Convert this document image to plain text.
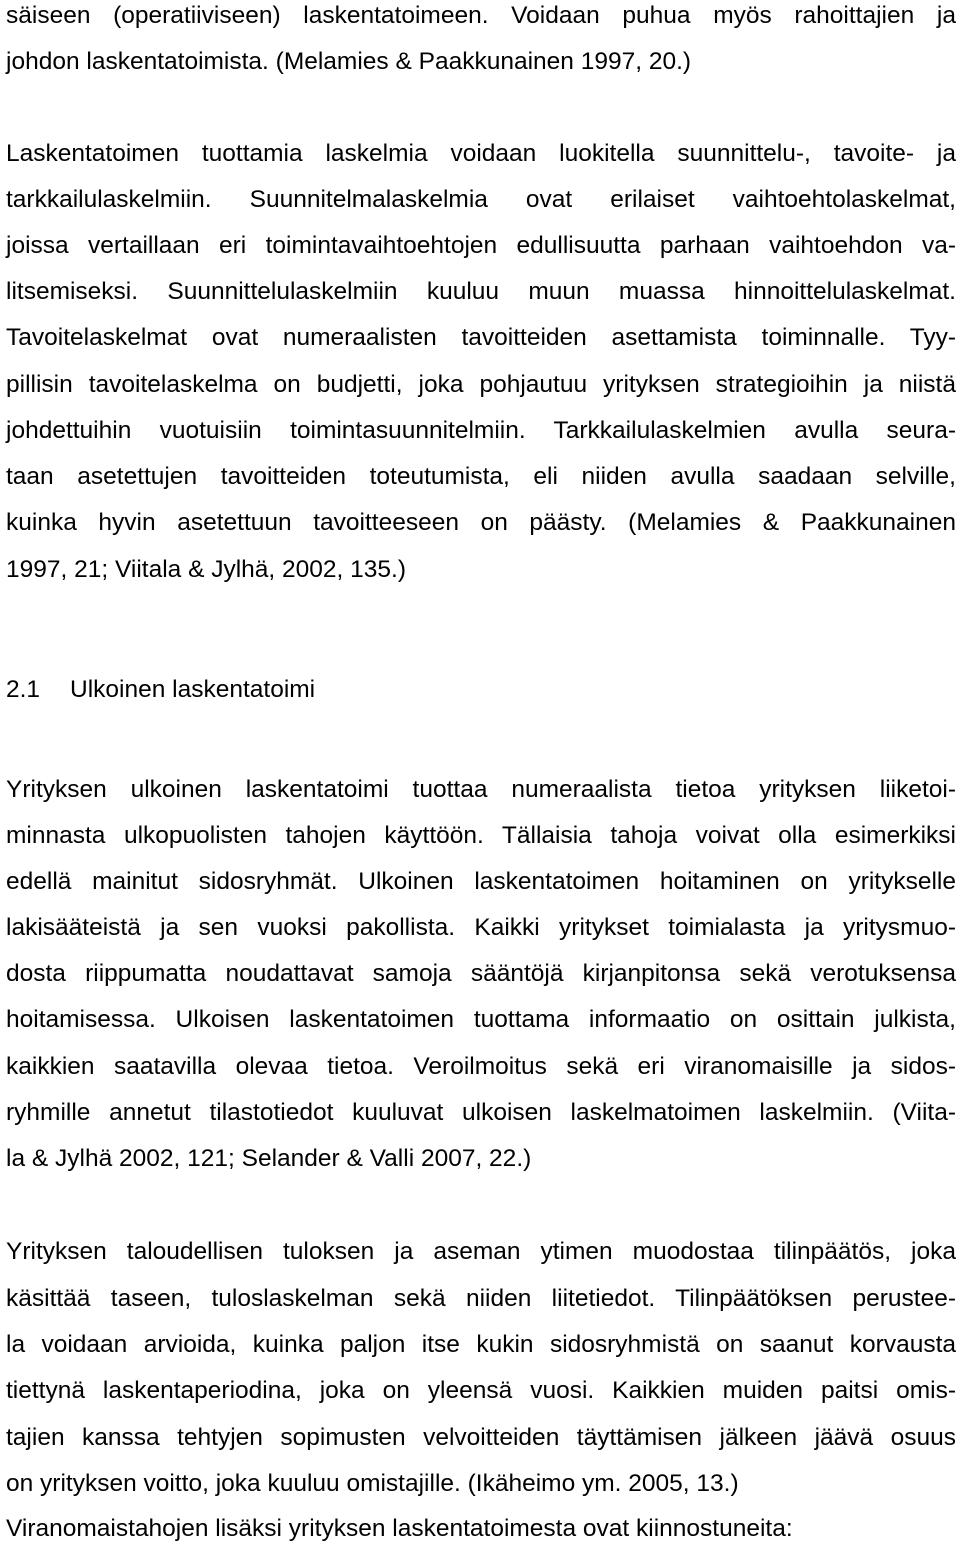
säiseen (operatiiviseen) laskentatoimeen. Voidaan puhua myös rahoittajien ja
johdon laskentatoimista. (Melamies & Paakkunainen 1997, 20.)
Laskentatoimen tuottamia laskelmia voidaan luokitella suunnittelu-, tavoite- ja
tarkkailulaskelmiin. Suunnitelmalaskelmia ovat erilaiset vaihtoehtolaskelmat,
joissa vertaillaan eri toimintavaihtoehtojen edullisuutta parhaan vaihtoehdon va-
litsemiseksi. Suunnittelulaskelmiin kuuluu muun muassa hinnoittelulaskelmat.
Tavoitelaskelmat ovat numeraalisten tavoitteiden asettamista toiminnalle. Tyy-
pillisin tavoitelaskelma on budjetti, joka pohjautuu yrityksen strategioihin ja niistä
johdettuihin vuotuisiin toimintasuunnitelmiin. Tarkkailulaskelmien avulla seura-
taan asetettujen tavoitteiden toteutumista, eli niiden avulla saadaan selville,
kuinka hyvin asetettuun tavoitteeseen on päästy. (Melamies & Paakkunainen
1997, 21; Viitala & Jylhä, 2002, 135.)
2.1 Ulkoinen laskentatoimi
Yrityksen ulkoinen laskentatoimi tuottaa numeraalista tietoa yrityksen liiketoi-
minnasta ulkopuolisten tahojen käyttöön. Tällaisia tahoja voivat olla esimerkiksi
edellä mainitut sidosryhmät. Ulkoinen laskentatoimen hoitaminen on yritykselle
lakisääteistä ja sen vuoksi pakollista. Kaikki yritykset toimialasta ja yritysmuo-
dosta riippumatta noudattavat samoja sääntöjä kirjanpitonsa sekä verotuksensa
hoitamisessa. Ulkoisen laskentatoimen tuottama informaatio on osittain julkista,
kaikkien saatavilla olevaa tietoa. Veroilmoitus sekä eri viranomaisille ja sidos-
ryhmille annetut tilastotiedot kuuluvat ulkoisen laskelmatoimen laskelmiin. (Viita-
la & Jylhä 2002, 121; Selander & Valli 2007, 22.)
Yrityksen taloudellisen tuloksen ja aseman ytimen muodostaa tilinpäätös, joka
käsittää taseen, tuloslaskelman sekä niiden liitetiedot. Tilinpäätöksen perustee-
la voidaan arvioida, kuinka paljon itse kukin sidosryhmistä on saanut korvausta
tiettynä laskentaperiodina, joka on yleensä vuosi. Kaikkien muiden paitsi omis-
tajien kanssa tehtyjen sopimusten velvoitteiden täyttämisen jälkeen jäävä osuus
on yrityksen voitto, joka kuuluu omistajille. (Ikäheimo ym. 2005, 13.)
Viranomaistahojen lisäksi yrityksen laskentatoimesta ovat kiinnostuneita:
